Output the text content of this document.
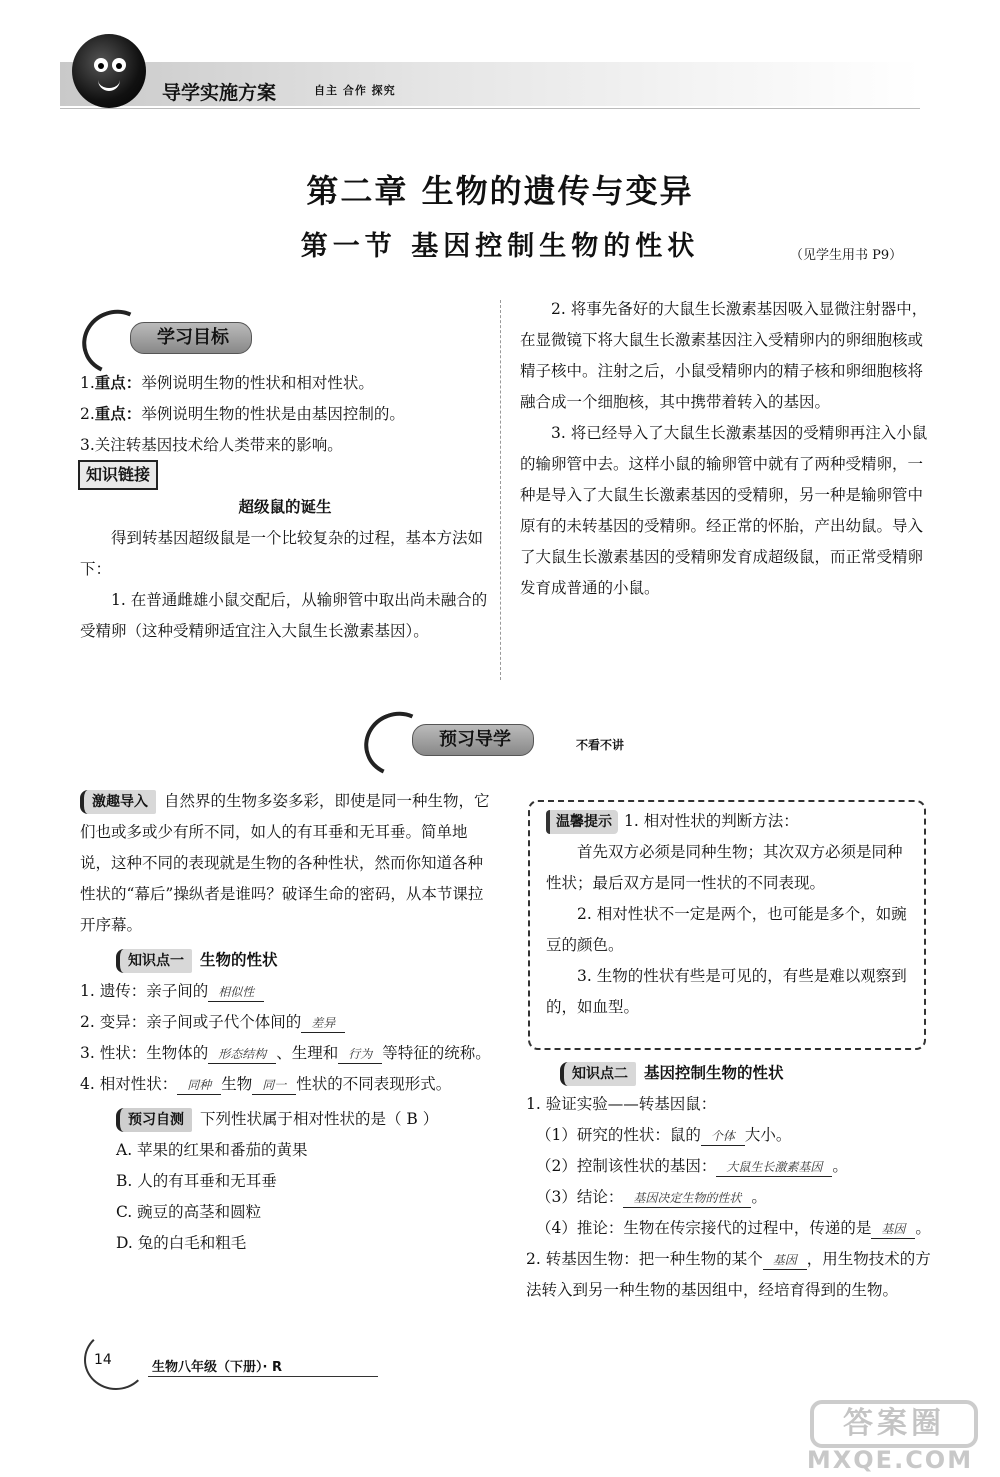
导学实施方案	自主 合作 探究
第二章 生物的遗传与变异
第一节 基因控制生物的性状	（见学生用书 P9）
学习目标

1.重点：举例说明生物的性状和相对性状。

2.重点：举例说明生物的性状是由基因控制的。

3.关注转基因技术给人类带来的影响。

知识链接

超级鼠的诞生

得到转基因超级鼠是一个比较复杂的过程，基本方法如下：

1. 在普通雌雄小鼠交配后，从输卵管中取出尚未融合的受精卵（这种受精卵适宜注入大鼠生长激素基因）。

2. 将事先备好的大鼠生长激素基因吸入显微注射器中，在显微镜下将大鼠生长激素基因注入受精卵内的卵细胞核或精子核中。注射之后，小鼠受精卵内的精子核和卵细胞核将融合成一个细胞核，其中携带着转入的基因。

3. 将已经导入了大鼠生长激素基因的受精卵再注入小鼠的输卵管中去。这样小鼠的输卵管中就有了两种受精卵，一种是导入了大鼠生长激素基因的受精卵，另一种是输卵管中原有的未转基因的受精卵。经正常的怀胎，产出幼鼠。导入了大鼠生长激素基因的受精卵发育成超级鼠，而正常受精卵发育成普通的小鼠。

预习导学	不看不讲

激趣导入 自然界的生物多姿多彩，即使是同一种生物，它们也或多或少有所不同，如人的有耳垂和无耳垂。简单地说，这种不同的表现就是生物的各种性状，然而你知道各种性状的“幕后”操纵者是谁吗？破译生命的密码，从本节课拉开序幕。

知识点一 生物的性状

1. 遗传：亲子间的 相似性

2. 变异：亲子间或子代个体间的 差异

3. 性状：生物体的 形态结构 、生理和 行为 等特征的统称。

4. 相对性状： 同种 生物 同一 性状的不同表现形式。

预习自测 下列性状属于相对性状的是（ B ）

A. 苹果的红果和番茄的黄果

B. 人的有耳垂和无耳垂

C. 豌豆的高茎和圆粒

D. 兔的白毛和粗毛

温馨提示 1. 相对性状的判断方法：

首先双方必须是同种生物；其次双方必须是同种性状；最后双方是同一性状的不同表现。

2. 相对性状不一定是两个，也可能是多个，如豌豆的颜色。

3. 生物的性状有些是可见的，有些是难以观察到的，如血型。

知识点二 基因控制生物的性状

1. 验证实验——转基因鼠：

（1）研究的性状：鼠的 个体 大小。

（2）控制该性状的基因： 大鼠生长激素基因 。

（3）结论： 基因决定生物的性状 。

（4）推论：生物在传宗接代的过程中，传递的是 基因 。

2. 转基因生物：把一种生物的某个 基因 ，用生物技术的方法转入到另一种生物的基因组中，经培育得到的生物。

14	生物八年级（下册）· R
答案圈
MXQE.COM
